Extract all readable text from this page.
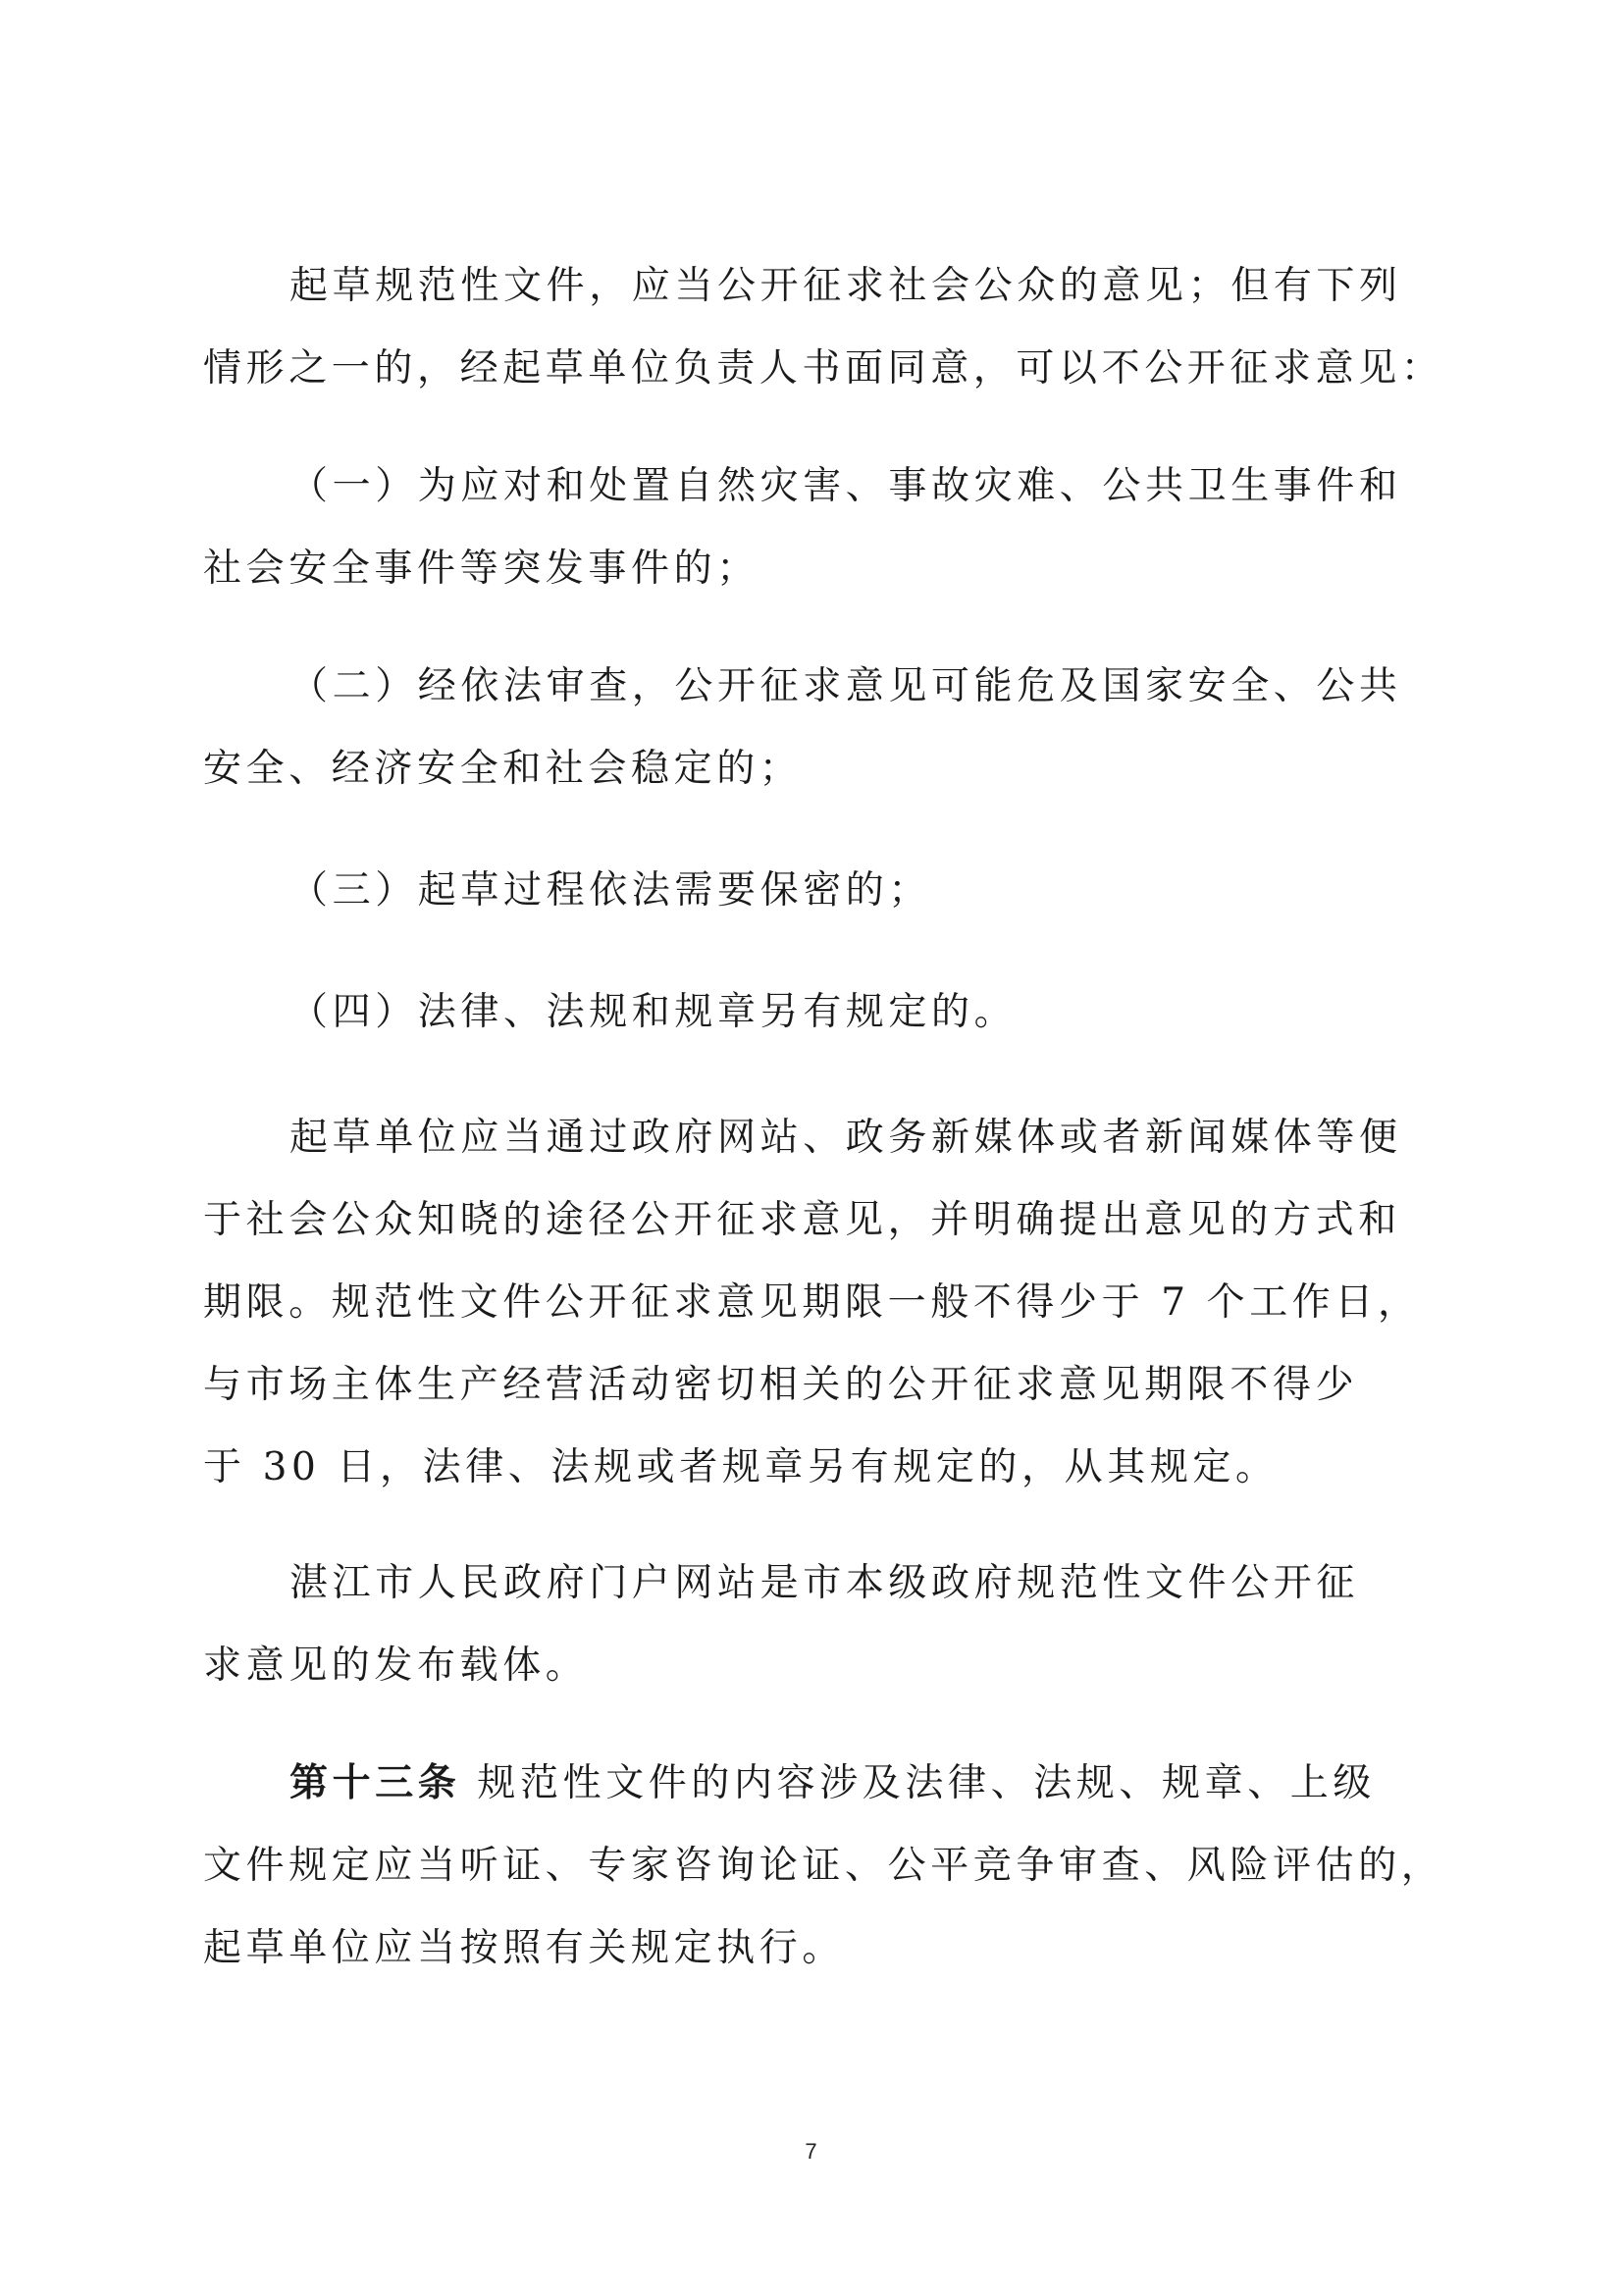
起草规范性文件，应当公开征求社会公众的意见；但有下列
情形之一的，经起草单位负责人书面同意，可以不公开征求意见：

（一）为应对和处置自然灾害、事故灾难、公共卫生事件和
社会安全事件等突发事件的；

（二）经依法审查，公开征求意见可能危及国家安全、公共
安全、经济安全和社会稳定的；

（三）起草过程依法需要保密的；

（四）法律、法规和规章另有规定的。

起草单位应当通过政府网站、政务新媒体或者新闻媒体等便
于社会公众知晓的途径公开征求意见，并明确提出意见的方式和
期限。规范性文件公开征求意见期限一般不得少于 7 个工作日，
与市场主体生产经营活动密切相关的公开征求意见期限不得少
于 30 日，法律、法规或者规章另有规定的，从其规定。

湛江市人民政府门户网站是市本级政府规范性文件公开征
求意见的发布载体。

第十三条 规范性文件的内容涉及法律、法规、规章、上级
文件规定应当听证、专家咨询论证、公平竞争审查、风险评估的，
起草单位应当按照有关规定执行。

7
